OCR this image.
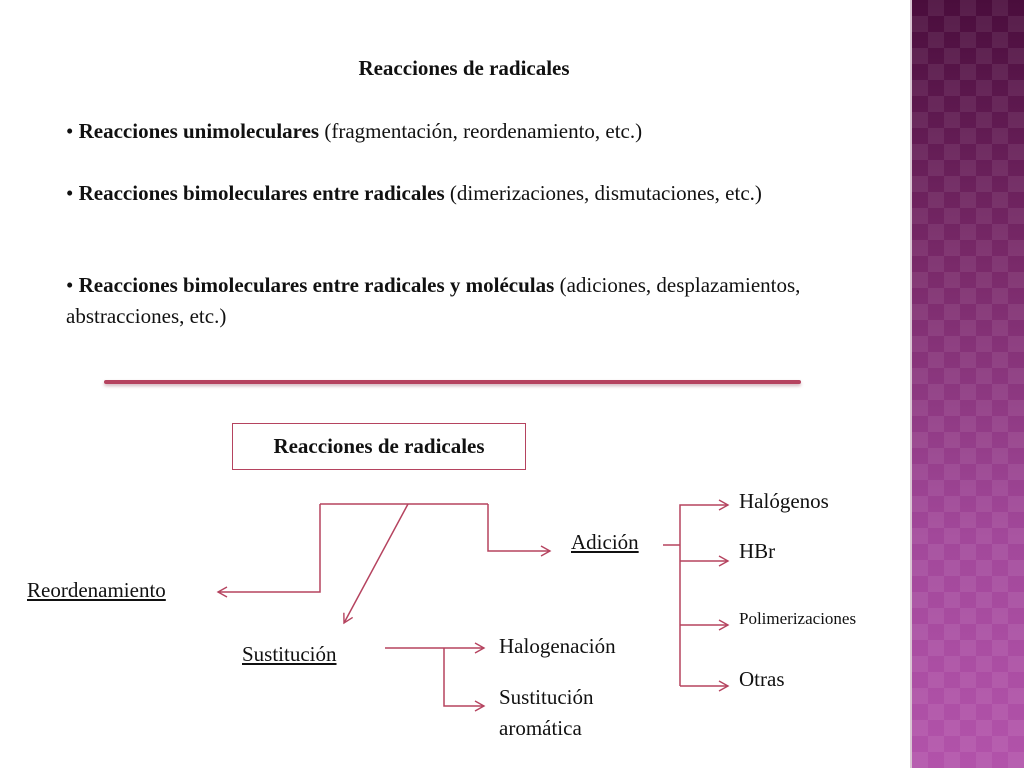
Reacciones de radicales
• Reacciones unimoleculares (fragmentación, reordenamiento, etc.)
• Reacciones bimoleculares entre radicales (dimerizaciones, dismutaciones, etc.)
• Reacciones bimoleculares entre radicales y moléculas (adiciones, desplazamientos, abstracciones, etc.)
Reacciones de radicales
Reordenamiento
Sustitución
Adición
Halogenación
Sustitución aromática
Halógenos
HBr
Polimerizaciones
Otras
